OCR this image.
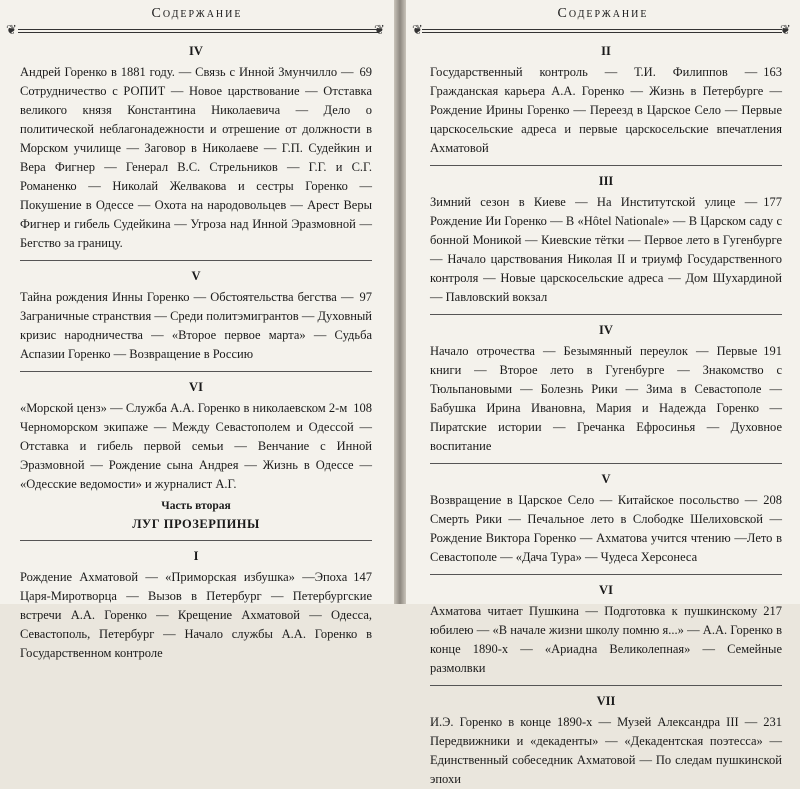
❦
Содержание
❦
IV

69
Андрей Горенко в 1881 году. — Связь с Инной Змунчилло — Сотрудничество с РОПИТ — Новое царствование — Отставка великого князя Константина Николаевича — Дело о политической неблагонадежности и отрешение от должности в Морском училище — Заговор в Николаеве — Г.П. Судейкин и Вера Фигнер — Генерал В.С. Стрельников — Г.Г. и С.Г. Романенко — Николай Желвакова и сестры Горенко — Покушение в Одессе — Охота на народовольцев — Арест Веры Фигнер и гибель Судейкина — Угроза над Инной Эразмовной — Бегство за границу.

V

97
Тайна рождения Инны Горенко — Обстоятельства бегства — Заграничные странствия — Среди политэмигрантов — Духовный кризис народничества — «Второе первое марта» — Судьба Аспазии Горенко — Возвращение в Россию

VI

108
«Морской ценз» — Служба А.А. Горенко в николаевском 2-м Черноморском экипаже — Между Севастополем и Одессой — Отставка и гибель первой семьи — Венчание с Инной Эразмовной — Рождение сына Андрея — Жизнь в Одессе — «Одесские ведомости» и журналист А.Г.

Часть вторая
ЛУГ ПРОЗЕРПИНЫ
I

147
Рождение Ахматовой — «Приморская избушка» —Эпоха Царя-Миротворца — Вызов в Петербург — Петербургские встречи А.А. Горенко — Крещение Ахматовой — Одесса, Севастополь, Петербург — Начало службы А.А. Горенко в Государственном контроле

❦
Содержание
❦
II

163
Государственный контроль — Т.И. Филиппов — Гражданская карьера А.А. Горенко — Жизнь в Петербурге — Рождение Ирины Горенко — Переезд в Царское Село — Первые царскосельские адреса и первые царскосельские впечатления Ахматовой

III

177
Зимний сезон в Киеве — На Институтской улице — Рождение Ии Горенко — В «Hôtel Nationale» — В Царском саду с бонной Моникой — Киевские тётки — Первое лето в Гугенбурге — Начало царствования Николая II и триумф Государственного контроля — Новые царскосельские адреса — Дом Шухардиной — Павловский вокзал

IV

191
Начало отрочества — Безымянный переулок — Первые книги — Второе лето в Гугенбурге — Знакомство с Тюльпановыми — Болезнь Рики — Зима в Севастополе — Бабушка Ирина Ивановна, Мария и Надежда Горенко — Пиратские истории — Гречанка Ефросинья — Духовное воспитание

V

208
Возвращение в Царское Село — Китайское посольство — Смерть Рики — Печальное лето в Слободке Шелиховской — Рождение Виктора Горенко — Ахматова учится чтению —Лето в Севастополе — «Дача Тура» — Чудеса Херсонеса

VI

217
Ахматова читает Пушкина — Подготовка к пушкинскому юбилею — «В начале жизни школу помню я...» — А.А. Горенко в конце 1890-х — «Ариадна Великолепная» — Семейные размолвки

VII

231
И.Э. Горенко в конце 1890-х — Музей Александра III — Передвижники и «декаденты» — «Декадентская поэтесса» — Единственный собеседник Ахматовой — По следам пушкинской эпохи
